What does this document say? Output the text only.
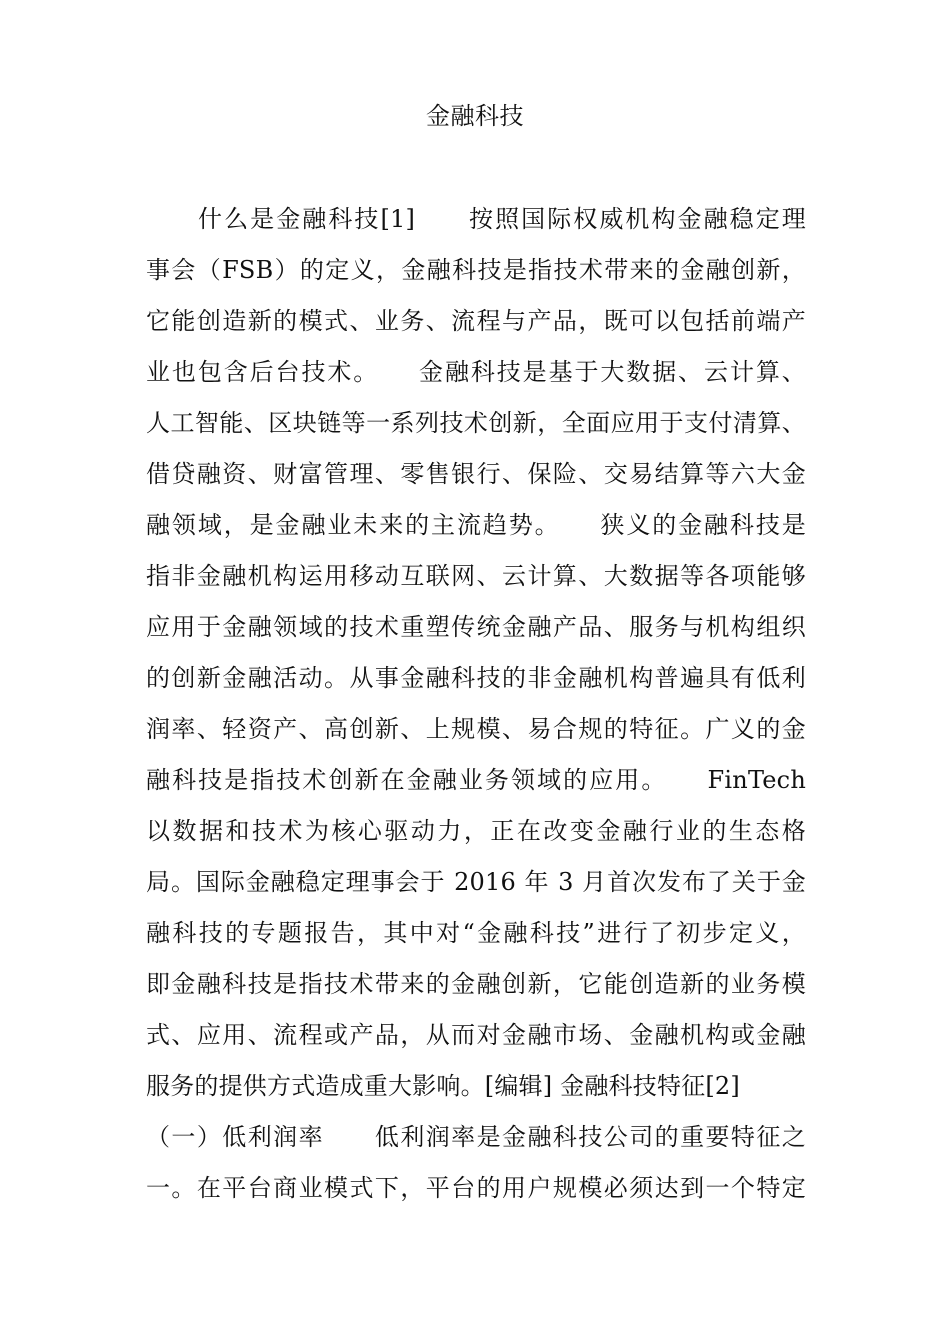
金融科技
什么是金融科技[1]　　按照国际权威机构金融稳定理
事会（FSB）的定义，金融科技是指技术带来的金融创新，
它能创造新的模式、业务、流程与产品，既可以包括前端产
业也包含后台技术。　　金融科技是基于大数据、云计算、
人工智能、区块链等一系列技术创新，全面应用于支付清算、
借贷融资、财富管理、零售银行、保险、交易结算等六大金
融领域，是金融业未来的主流趋势。　　狭义的金融科技是
指非金融机构运用移动互联网、云计算、大数据等各项能够
应用于金融领域的技术重塑传统金融产品、服务与机构组织
的创新金融活动。从事金融科技的非金融机构普遍具有低利
润率、轻资产、高创新、上规模、易合规的特征。广义的金
融科技是指技术创新在金融业务领域的应用。　　FinTech
以数据和技术为核心驱动力，正在改变金融行业的生态格
局。国际金融稳定理事会于 2016 年 3 月首次发布了关于金
融科技的专题报告，其中对“金融科技”进行了初步定义，
即金融科技是指技术带来的金融创新，它能创造新的业务模
式、应用、流程或产品，从而对金融市场、金融机构或金融
服务的提供方式造成重大影响。[编辑] 金融科技特征[2]
（一）低利润率　　低利润率是金融科技公司的重要特征之
一。在平台商业模式下，平台的用户规模必须达到一个特定
